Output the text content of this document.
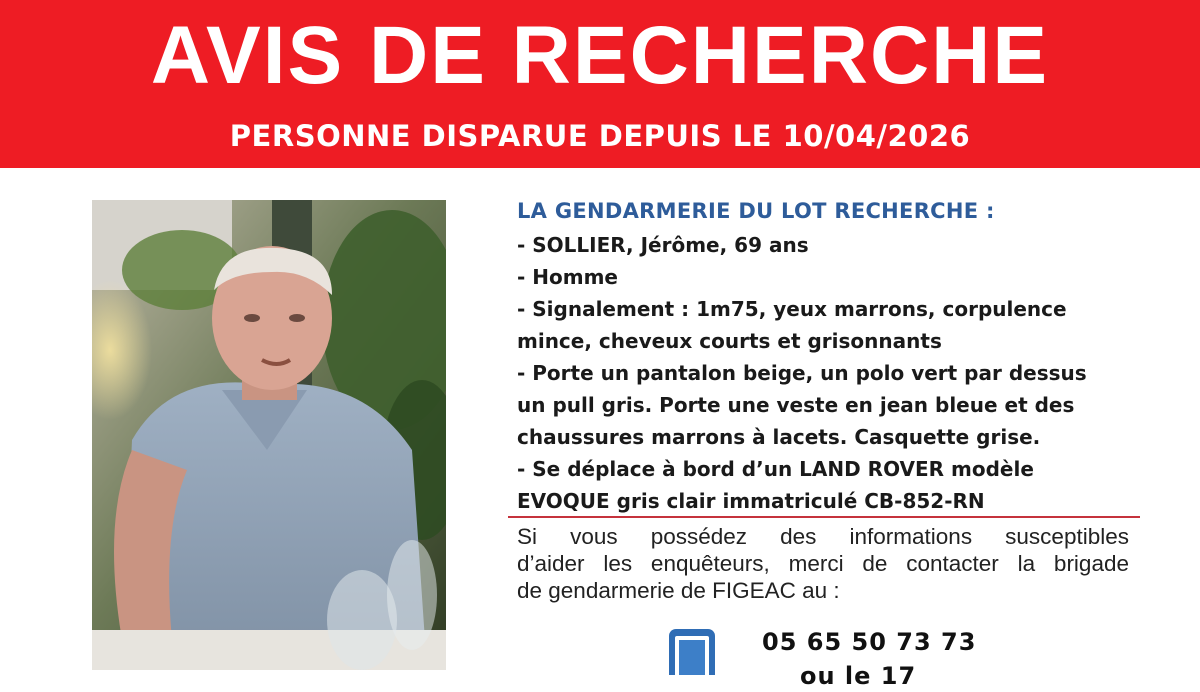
AVIS DE RECHERCHE
PERSONNE DISPARUE DEPUIS LE 10/04/2026
LA GENDARMERIE DU LOT RECHERCHE :
- SOLLIER, Jérôme, 69 ans
- Homme
- Signalement : 1m75, yeux marrons, corpulence
mince, cheveux courts et grisonnants
- Porte un pantalon beige, un polo vert par dessus
un pull gris. Porte une veste en jean bleue et des
chaussures marrons à lacets. Casquette grise.
- Se déplace à bord d’un LAND ROVER modèle
EVOQUE gris clair immatriculé CB-852-RN
Si vous possédez des informations susceptibles
d’aider les enquêteurs, merci de contacter la brigade
de gendarmerie de FIGEAC au :
05 65 50 73 73
ou le 17
